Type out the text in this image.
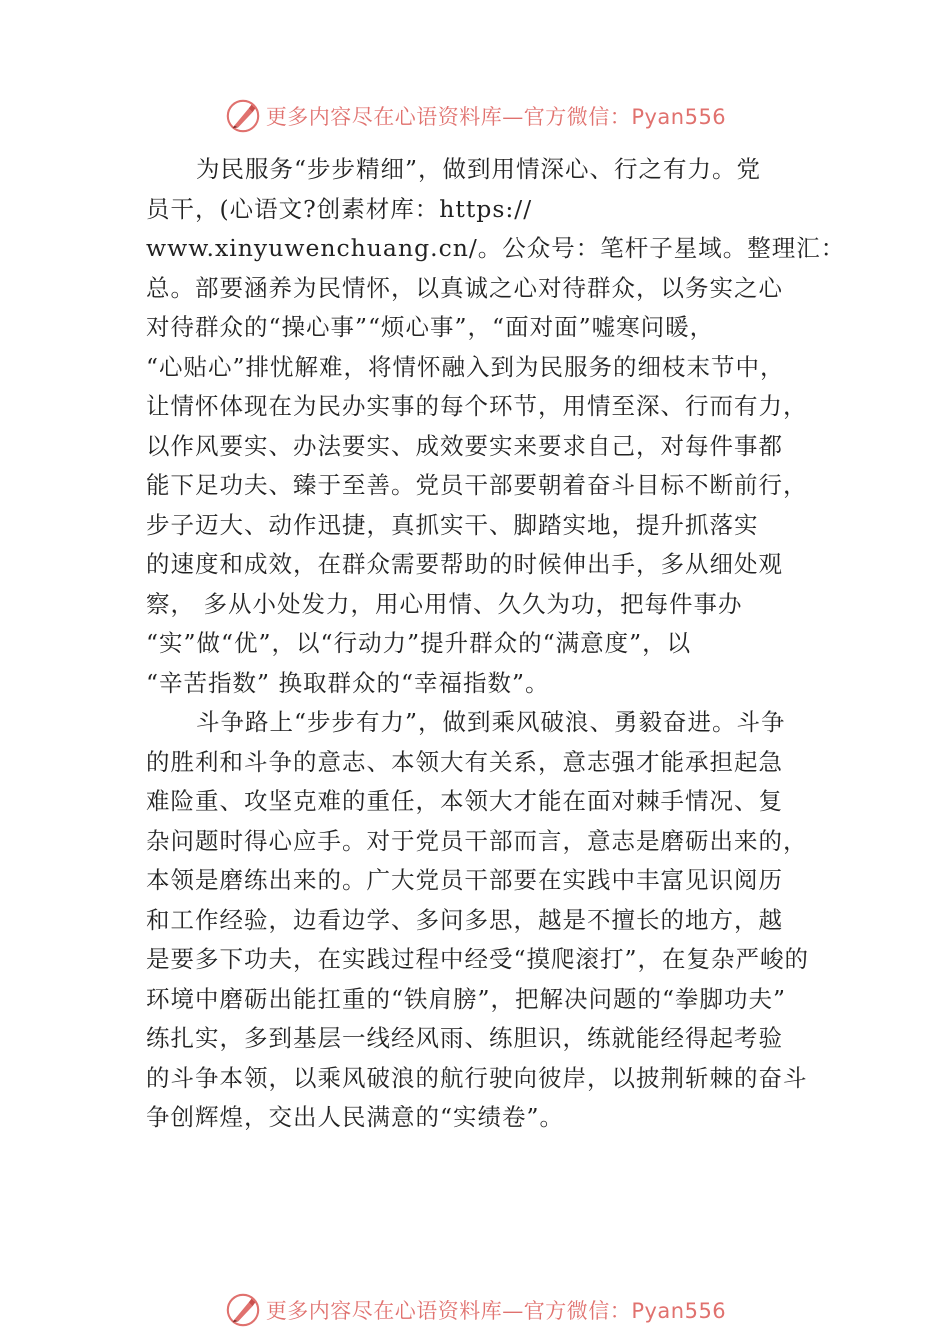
更多内容尽在心语资料库—官方微信：Pyan556
为民服务“步步精细”，做到用情深心、行之有力。党
员干，(心语文?创素材库：https://
www.xinyuwenchuang.cn/。公众号：笔杆子星域。整理汇：
总。部要涵养为民情怀，以真诚之心对待群众，以务实之心
对待群众的“操心事”“烦心事”，“面对面”嘘寒问暖，
“心贴心”排忧解难，将情怀融入到为民服务的细枝末节中，
让情怀体现在为民办实事的每个环节，用情至深、行而有力，
以作风要实、办法要实、成效要实来要求自己，对每件事都
能下足功夫、臻于至善。党员干部要朝着奋斗目标不断前行，
步子迈大、动作迅捷，真抓实干、脚踏实地，提升抓落实
的速度和成效，在群众需要帮助的时候伸出手，多从细处观
察， 多从小处发力，用心用情、久久为功，把每件事办
“实”做“优”，以“行动力”提升群众的“满意度”，以
“辛苦指数” 换取群众的“幸福指数”。
斗争路上“步步有力”，做到乘风破浪、勇毅奋进。斗争
的胜利和斗争的意志、本领大有关系，意志强才能承担起急
难险重、攻坚克难的重任，本领大才能在面对棘手情况、复
杂问题时得心应手。对于党员干部而言，意志是磨砺出来的，
本领是磨练出来的。广大党员干部要在实践中丰富见识阅历
和工作经验，边看边学、多问多思，越是不擅长的地方，越
是要多下功夫，在实践过程中经受“摸爬滚打”，在复杂严峻的
环境中磨砺出能扛重的“铁肩膀”，把解决问题的“拳脚功夫”
练扎实，多到基层一线经风雨、练胆识，练就能经得起考验
的斗争本领，以乘风破浪的航行驶向彼岸，以披荆斩棘的奋斗
争创辉煌，交出人民满意的“实绩卷”。
更多内容尽在心语资料库—官方微信：Pyan556
